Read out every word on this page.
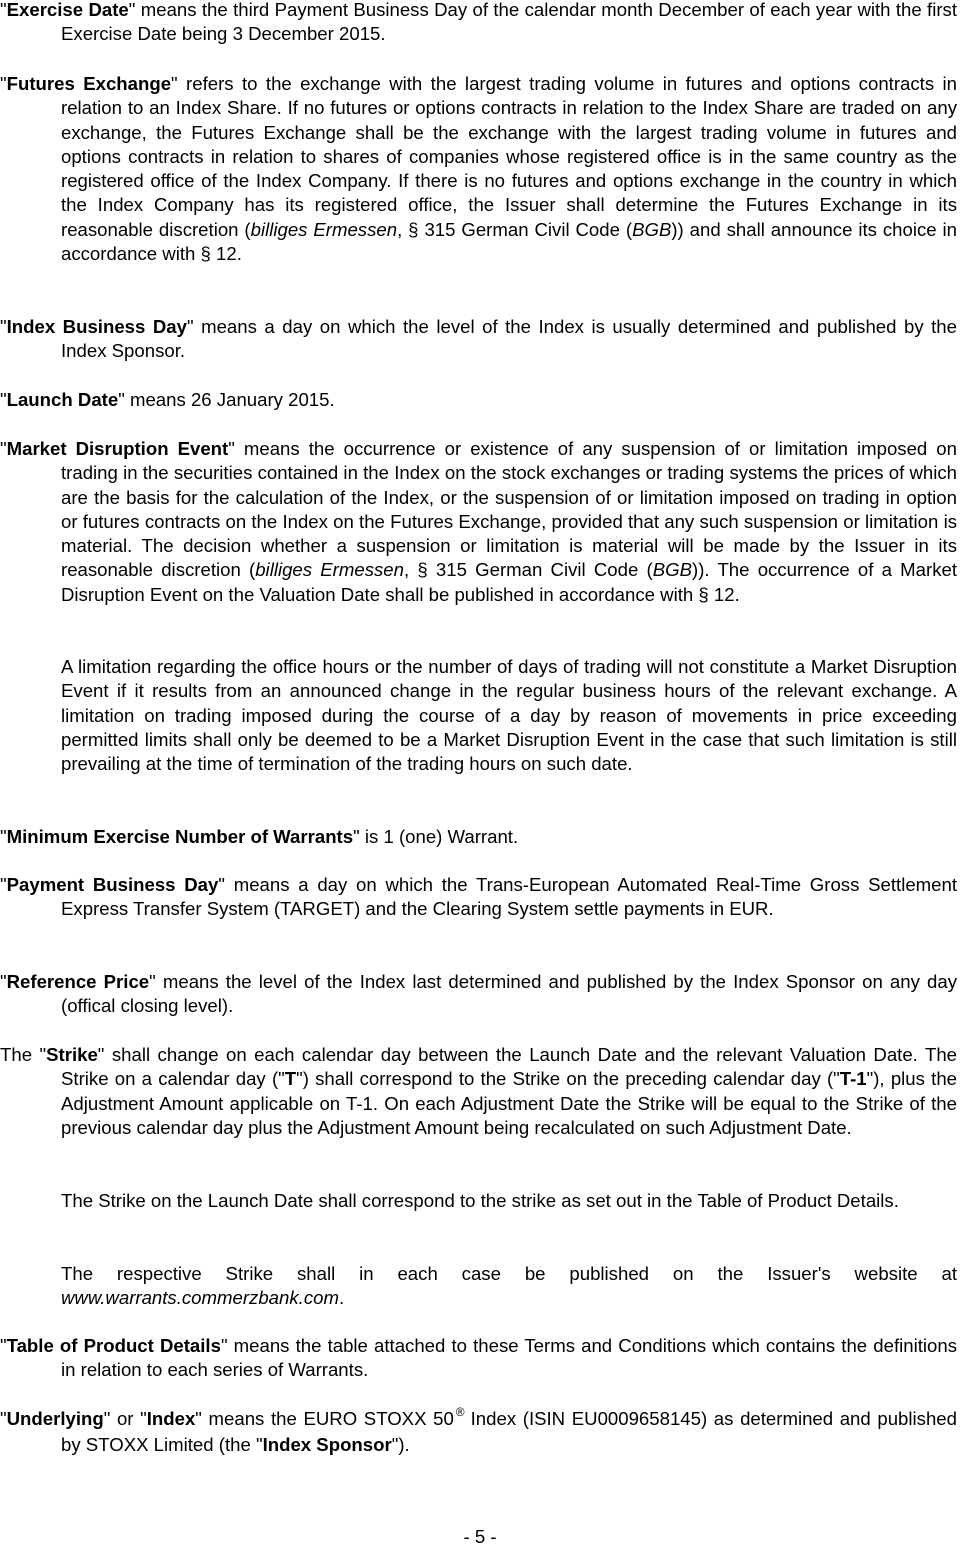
"Exercise Date" means the third Payment Business Day of the calendar month December of each year with the first Exercise Date being 3 December 2015.

"Futures Exchange" refers to the exchange with the largest trading volume in futures and options contracts in relation to an Index Share. If no futures or options contracts in relation to the Index Share are traded on any exchange, the Futures Exchange shall be the exchange with the largest trading volume in futures and options contracts in relation to shares of companies whose registered office is in the same country as the registered office of the Index Company. If there is no futures and options exchange in the country in which the Index Company has its registered office, the Issuer shall determine the Futures Exchange in its reasonable discretion (billiges Ermessen, § 315 German Civil Code (BGB)) and shall announce its choice in accordance with § 12.

"Index Business Day" means a day on which the level of the Index is usually determined and published by the Index Sponsor.

"Launch Date" means 26 January 2015.

"Market Disruption Event" means the occurrence or existence of any suspension of or limitation imposed on trading in the securities contained in the Index on the stock exchanges or trading systems the prices of which are the basis for the calculation of the Index, or the suspension of or limitation imposed on trading in option or futures contracts on the Index on the Futures Exchange, provided that any such suspension or limitation is material. The decision whether a suspension or limitation is material will be made by the Issuer in its reasonable discretion (billiges Ermessen, § 315 German Civil Code (BGB)). The occurrence of a Market Disruption Event on the Valuation Date shall be published in accordance with § 12.

A limitation regarding the office hours or the number of days of trading will not constitute a Market Disruption Event if it results from an announced change in the regular business hours of the relevant exchange. A limitation on trading imposed during the course of a day by reason of movements in price exceeding permitted limits shall only be deemed to be a Market Disruption Event in the case that such limitation is still prevailing at the time of termination of the trading hours on such date.

"Minimum Exercise Number of Warrants" is 1 (one) Warrant.

"Payment Business Day" means a day on which the Trans-European Automated Real-Time Gross Settlement Express Transfer System (TARGET) and the Clearing System settle payments in EUR.

"Reference Price" means the level of the Index last determined and published by the Index Sponsor on any day (offical closing level).

The "Strike" shall change on each calendar day between the Launch Date and the relevant Valuation Date. The Strike on a calendar day ("T") shall correspond to the Strike on the preceding calendar day ("T-1"), plus the Adjustment Amount applicable on T-1. On each Adjustment Date the Strike will be equal to the Strike of the previous calendar day plus the Adjustment Amount being recalculated on such Adjustment Date.

The Strike on the Launch Date shall correspond to the strike as set out in the Table of Product Details.

The respective Strike shall in each case be published on the Issuer's website at www.warrants.commerzbank.com.

"Table of Product Details" means the table attached to these Terms and Conditions which contains the definitions in relation to each series of Warrants.

"Underlying" or "Index" means the EURO STOXX 50 ® Index (ISIN EU0009658145) as determined and published by STOXX Limited (the "Index Sponsor").

- 5 -
